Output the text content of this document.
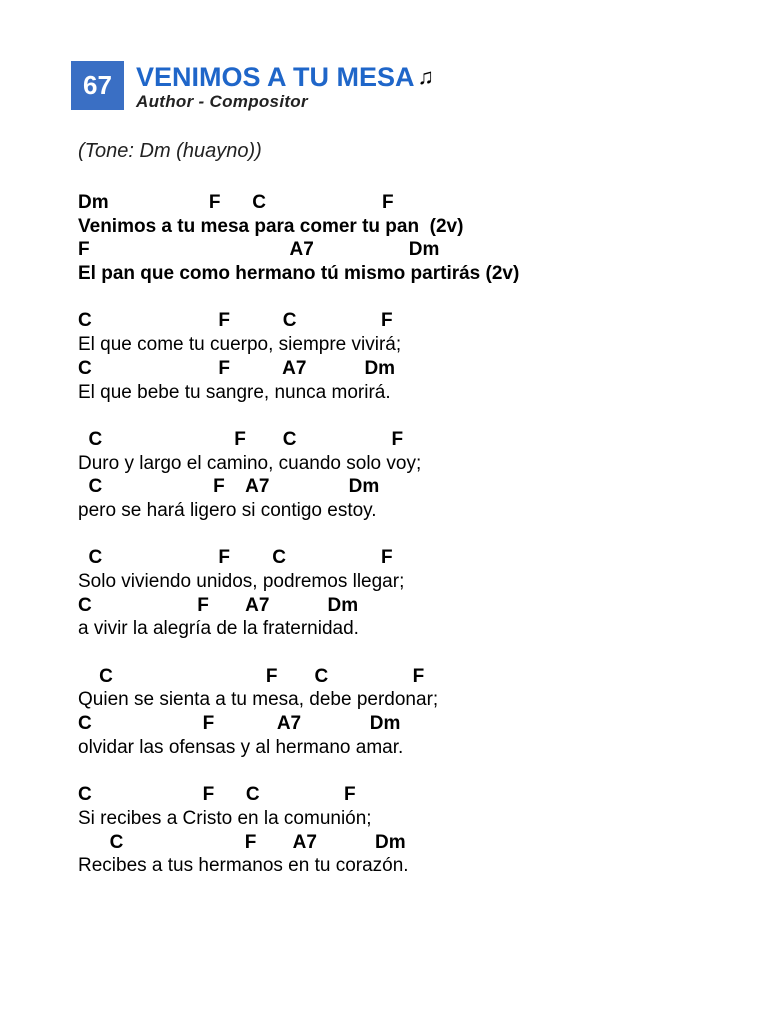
67 VENIMOS A TU MESA ♫
Author - Compositor
(Tone: Dm (huayno))
Dm                   F      C                      F
Venimos a tu mesa para comer tu pan  (2v)
F                                      A7                  Dm
El pan que como hermano tú mismo partirás (2v)
C                        F          C                F
El que come tu cuerpo, siempre vivirá;
C                        F          A7           Dm
El que bebe tu sangre, nunca morirá.
C                         F       C                  F
Duro y largo el camino, cuando solo voy;
C                     F    A7               Dm
pero se hará ligero si contigo estoy.
C                      F        C                  F
Solo viviendo unidos, podremos llegar;
C                    F       A7           Dm
a vivir la alegría de la fraternidad.
C                             F       C                F
Quien se sienta a tu mesa, debe perdonar;
C                     F            A7             Dm
olvidar las ofensas y al hermano amar.
C                     F      C                F
Si recibes a Cristo en la comunión;
C                       F       A7           Dm
Recibes a tus hermanos en tu corazón.
